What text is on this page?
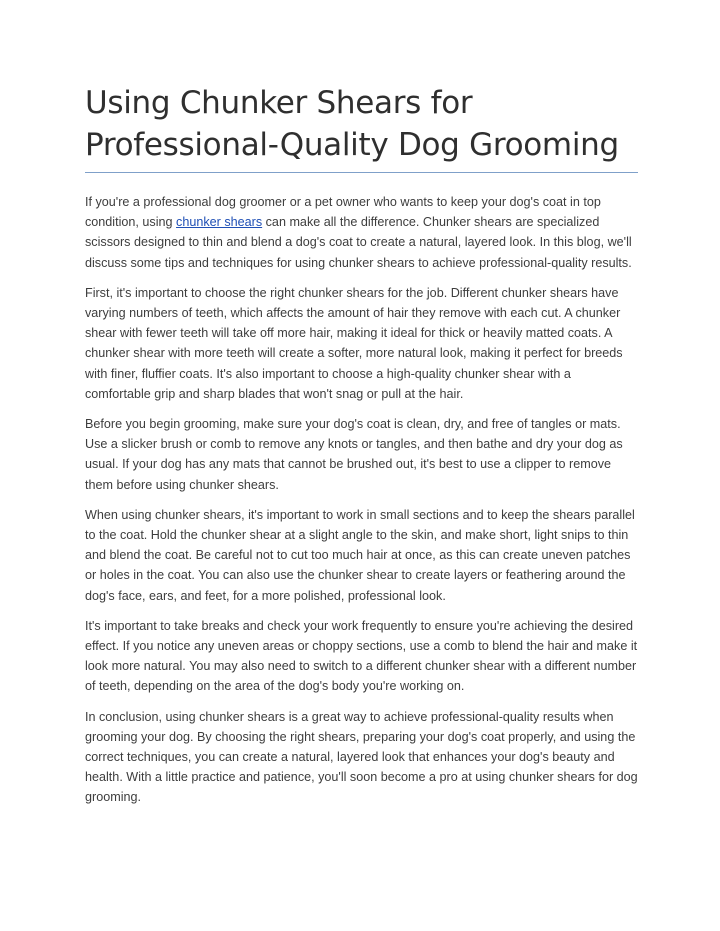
Using Chunker Shears for Professional-Quality Dog Grooming

If you're a professional dog groomer or a pet owner who wants to keep your dog's coat in top condition, using chunker shears can make all the difference. Chunker shears are specialized scissors designed to thin and blend a dog's coat to create a natural, layered look. In this blog, we'll discuss some tips and techniques for using chunker shears to achieve professional-quality results.

First, it's important to choose the right chunker shears for the job. Different chunker shears have varying numbers of teeth, which affects the amount of hair they remove with each cut. A chunker shear with fewer teeth will take off more hair, making it ideal for thick or heavily matted coats. A chunker shear with more teeth will create a softer, more natural look, making it perfect for breeds with finer, fluffier coats. It's also important to choose a high-quality chunker shear with a comfortable grip and sharp blades that won't snag or pull at the hair.

Before you begin grooming, make sure your dog's coat is clean, dry, and free of tangles or mats. Use a slicker brush or comb to remove any knots or tangles, and then bathe and dry your dog as usual. If your dog has any mats that cannot be brushed out, it's best to use a clipper to remove them before using chunker shears.

When using chunker shears, it's important to work in small sections and to keep the shears parallel to the coat. Hold the chunker shear at a slight angle to the skin, and make short, light snips to thin and blend the coat. Be careful not to cut too much hair at once, as this can create uneven patches or holes in the coat. You can also use the chunker shear to create layers or feathering around the dog's face, ears, and feet, for a more polished, professional look.

It's important to take breaks and check your work frequently to ensure you're achieving the desired effect. If you notice any uneven areas or choppy sections, use a comb to blend the hair and make it look more natural. You may also need to switch to a different chunker shear with a different number of teeth, depending on the area of the dog's body you're working on.

In conclusion, using chunker shears is a great way to achieve professional-quality results when grooming your dog. By choosing the right shears, preparing your dog's coat properly, and using the correct techniques, you can create a natural, layered look that enhances your dog's beauty and health. With a little practice and patience, you'll soon become a pro at using chunker shears for dog grooming.
